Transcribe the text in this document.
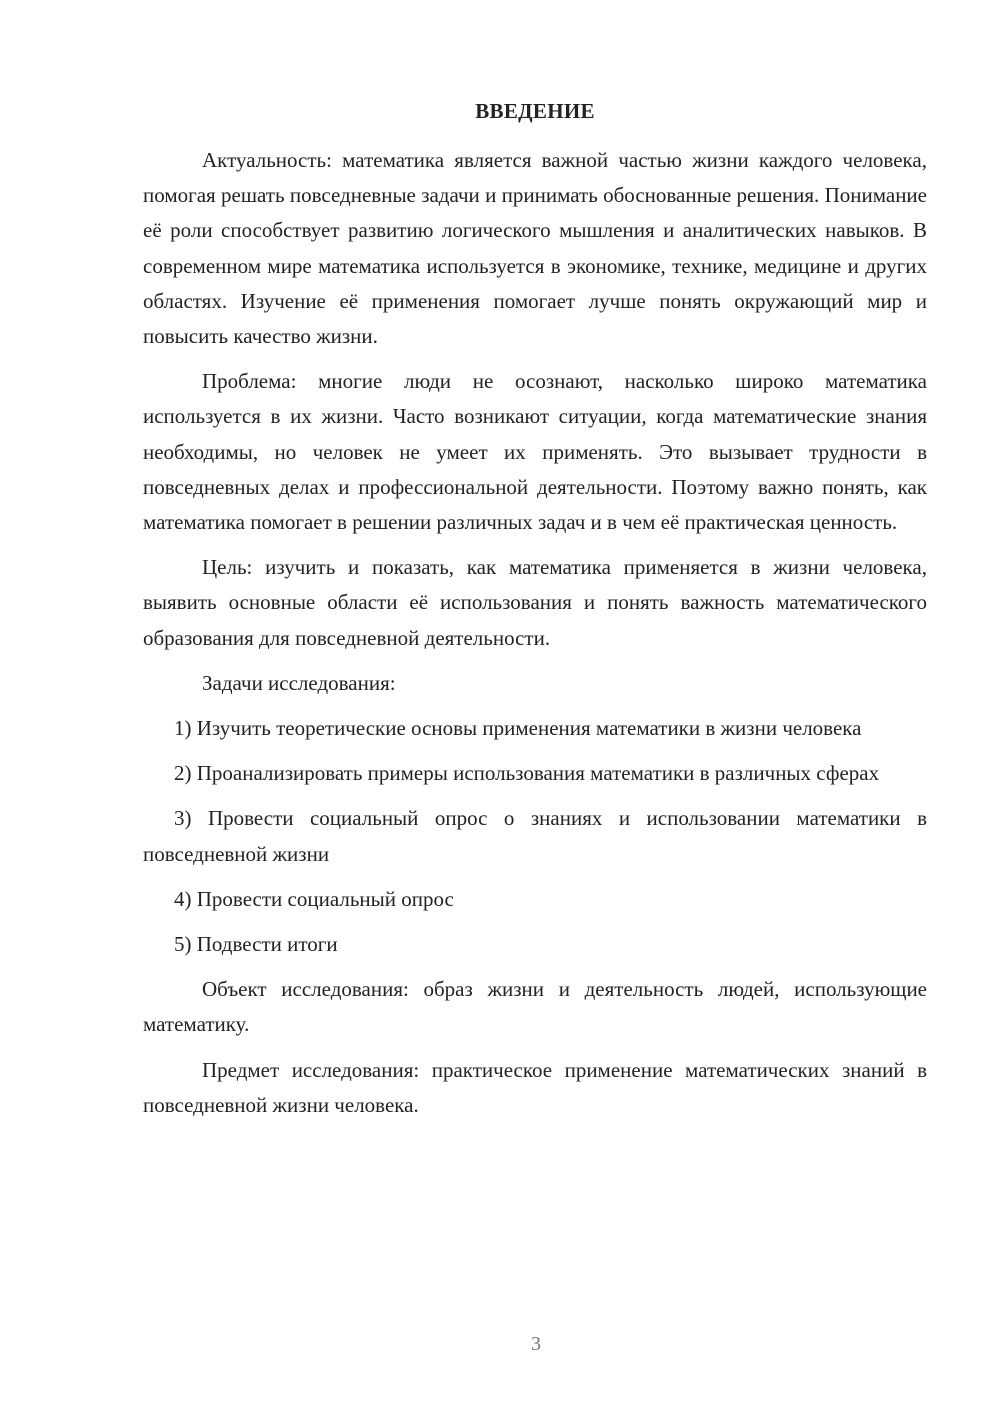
ВВЕДЕНИЕ

Актуальность: математика является важной частью жизни каждого человека, помогая решать повседневные задачи и принимать обоснованные решения. Понимание её роли способствует развитию логического мышления и аналитических навыков. В современном мире математика используется в экономике, технике, медицине и других областях. Изучение её применения помогает лучше понять окружающий мир и повысить качество жизни.

Проблема: многие люди не осознают, насколько широко математика используется в их жизни. Часто возникают ситуации, когда математические знания необходимы, но человек не умеет их применять. Это вызывает трудности в повседневных делах и профессиональной деятельности. Поэтому важно понять, как математика помогает в решении различных задач и в чем её практическая ценность.

Цель: изучить и показать, как математика применяется в жизни человека, выявить основные области её использования и понять важность математического образования для повседневной деятельности.

Задачи исследования:

1) Изучить теоретические основы применения математики в жизни человека

2) Проанализировать примеры использования математики в различных сферах

3) Провести социальный опрос о знаниях и использовании математики в повседневной жизни

4) Провести социальный опрос

5) Подвести итоги

Объект исследования: образ жизни и деятельность людей, использующие математику.

Предмет исследования: практическое применение математических знаний в повседневной жизни человека.

3
